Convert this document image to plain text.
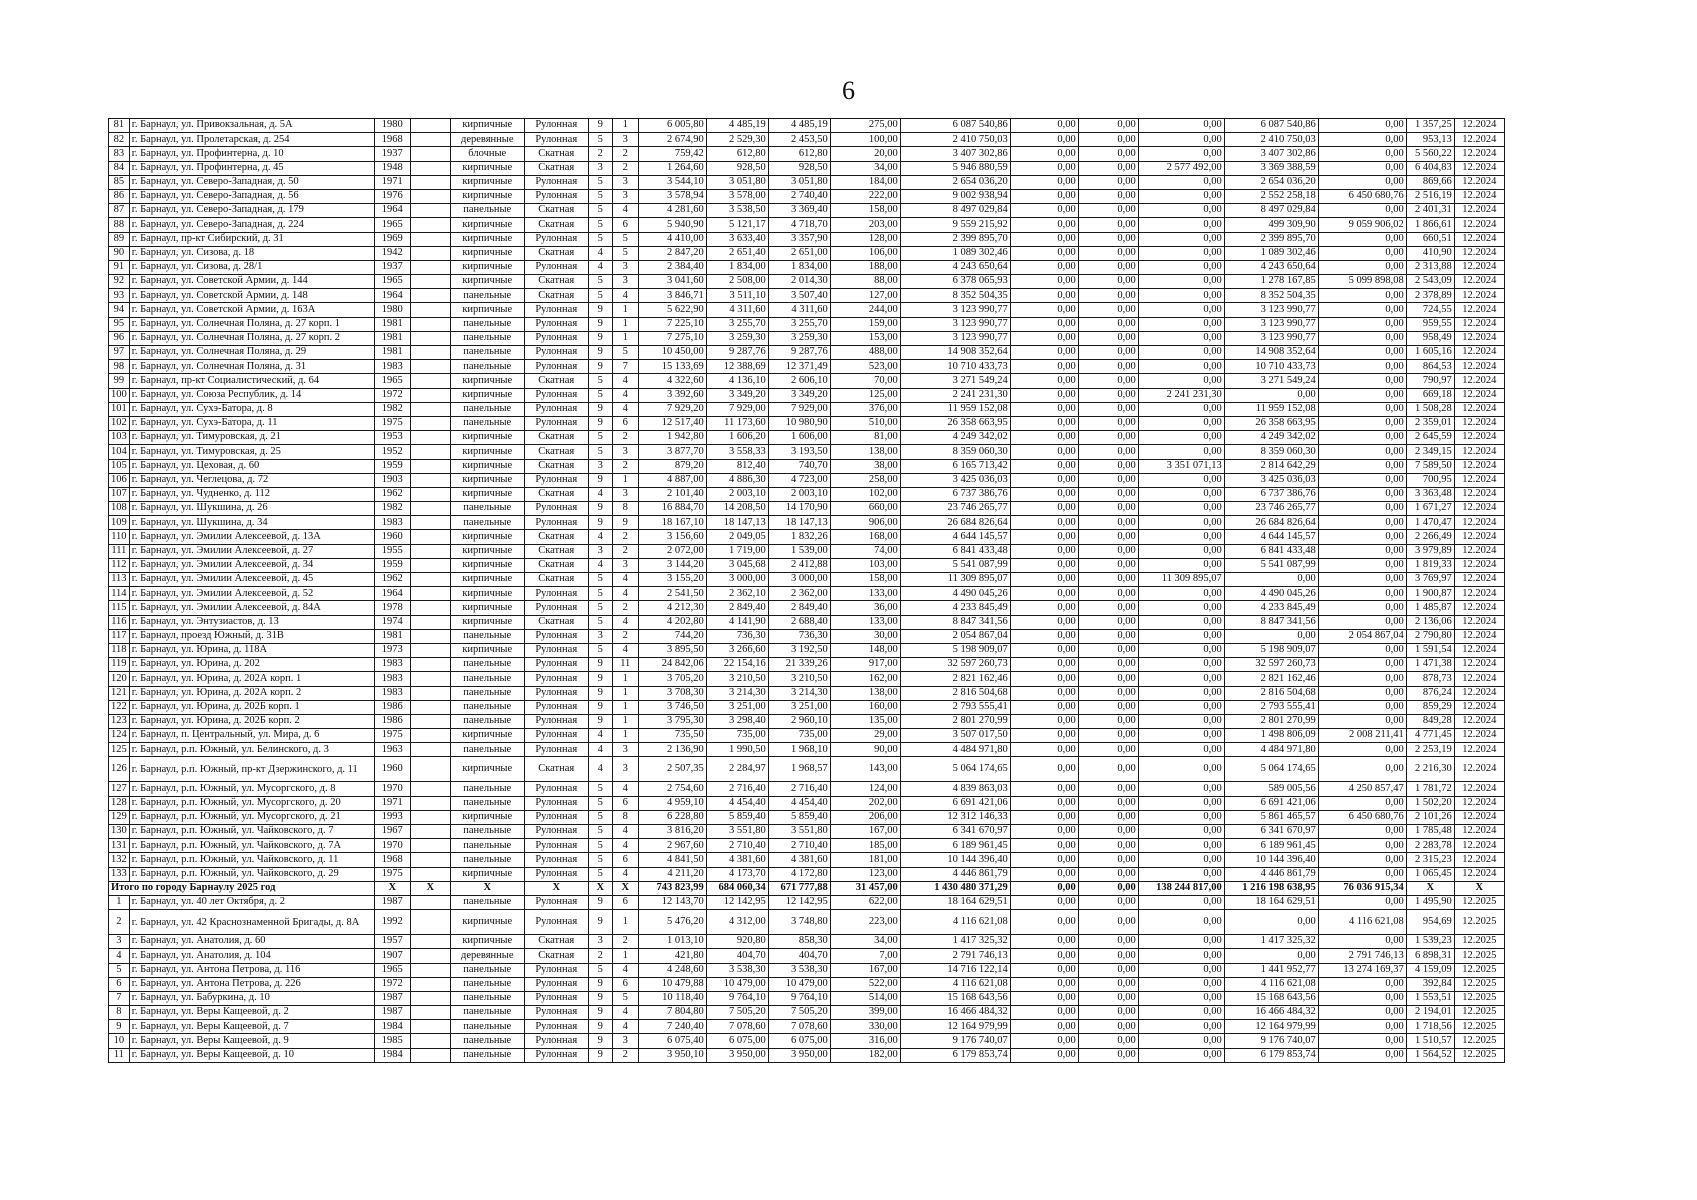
6
81	г. Барнаул, ул. Привокзальная, д. 5А	1980		кирпичные	Рулонная	9	1	6 005,80	4 485,19	4 485,19	275,00	6 087 540,86	0,00	0,00	0,00	6 087 540,86	0,00	1 357,25	12.2024
82	г. Барнаул, ул. Пролетарская, д. 254	1968		деревянные	Рулонная	5	3	2 674,90	2 529,30	2 453,50	100,00	2 410 750,03	0,00	0,00	0,00	2 410 750,03	0,00	953,13	12.2024
83	г. Барнаул, ул. Профинтерна, д. 10	1937		блочные	Скатная	2	2	759,42	612,80	612,80	20,00	3 407 302,86	0,00	0,00	0,00	3 407 302,86	0,00	5 560,22	12.2024
84	г. Барнаул, ул. Профинтерна, д. 45	1948		кирпичные	Скатная	3	2	1 264,60	928,50	928,50	34,00	5 946 880,59	0,00	0,00	2 577 492,00	3 369 388,59	0,00	6 404,83	12.2024
85	г. Барнаул, ул. Северо-Западная, д. 50	1971		кирпичные	Рулонная	5	3	3 544,10	3 051,80	3 051,80	184,00	2 654 036,20	0,00	0,00	0,00	2 654 036,20	0,00	869,66	12.2024
86	г. Барнаул, ул. Северо-Западная, д. 56	1976		кирпичные	Рулонная	5	3	3 578,94	3 578,00	2 740,40	222,00	9 002 938,94	0,00	0,00	0,00	2 552 258,18	6 450 680,76	2 516,19	12.2024
87	г. Барнаул, ул. Северо-Западная, д. 179	1964		панельные	Скатная	5	4	4 281,60	3 538,50	3 369,40	158,00	8 497 029,84	0,00	0,00	0,00	8 497 029,84	0,00	2 401,31	12.2024
88	г. Барнаул, ул. Северо-Западная, д. 224	1965		кирпичные	Скатная	5	6	5 940,90	5 121,17	4 718,70	203,00	9 559 215,92	0,00	0,00	0,00	499 309,90	9 059 906,02	1 866,61	12.2024
89	г. Барнаул, пр-кт Сибирский, д. 31	1969		кирпичные	Рулонная	5	5	4 410,00	3 633,40	3 357,90	128,00	2 399 895,70	0,00	0,00	0,00	2 399 895,70	0,00	660,51	12.2024
90	г. Барнаул, ул. Сизова, д. 18	1942		кирпичные	Скатная	4	5	2 847,20	2 651,40	2 651,00	106,00	1 089 302,46	0,00	0,00	0,00	1 089 302,46	0,00	410,90	12.2024
91	г. Барнаул, ул. Сизова, д. 28/1	1937		кирпичные	Рулонная	4	3	2 384,40	1 834,00	1 834,00	188,00	4 243 650,64	0,00	0,00	0,00	4 243 650,64	0,00	2 313,88	12.2024
92	г. Барнаул, ул. Советской Армии, д. 144	1965		кирпичные	Скатная	5	3	3 041,60	2 508,00	2 014,30	88,00	6 378 065,93	0,00	0,00	0,00	1 278 167,85	5 099 898,08	2 543,09	12.2024
93	г. Барнаул, ул. Советской Армии, д. 148	1964		панельные	Скатная	5	4	3 846,71	3 511,10	3 507,40	127,00	8 352 504,35	0,00	0,00	0,00	8 352 504,35	0,00	2 378,89	12.2024
94	г. Барнаул, ул. Советской Армии, д. 163А	1980		кирпичные	Рулонная	9	1	5 622,90	4 311,60	4 311,60	244,00	3 123 990,77	0,00	0,00	0,00	3 123 990,77	0,00	724,55	12.2024
95	г. Барнаул, ул. Солнечная Поляна, д. 27 корп. 1	1981		панельные	Рулонная	9	1	7 225,10	3 255,70	3 255,70	159,00	3 123 990,77	0,00	0,00	0,00	3 123 990,77	0,00	959,55	12.2024
96	г. Барнаул, ул. Солнечная Поляна, д. 27 корп. 2	1981		панельные	Рулонная	9	1	7 275,10	3 259,30	3 259,30	153,00	3 123 990,77	0,00	0,00	0,00	3 123 990,77	0,00	958,49	12.2024
97	г. Барнаул, ул. Солнечная Поляна, д. 29	1981		панельные	Рулонная	9	5	10 450,00	9 287,76	9 287,76	488,00	14 908 352,64	0,00	0,00	0,00	14 908 352,64	0,00	1 605,16	12.2024
98	г. Барнаул, ул. Солнечная Поляна, д. 31	1983		панельные	Рулонная	9	7	15 133,69	12 388,69	12 371,49	523,00	10 710 433,73	0,00	0,00	0,00	10 710 433,73	0,00	864,53	12.2024
99	г. Барнаул, пр-кт Социалистический, д. 64	1965		кирпичные	Скатная	5	4	4 322,60	4 136,10	2 606,10	70,00	3 271 549,24	0,00	0,00	0,00	3 271 549,24	0,00	790,97	12.2024
100	г. Барнаул, ул. Союза Республик, д. 14	1972		кирпичные	Рулонная	5	4	3 392,60	3 349,20	3 349,20	125,00	2 241 231,30	0,00	0,00	2 241 231,30	0,00	0,00	669,18	12.2024
101	г. Барнаул, ул. Сухэ-Батора, д. 8	1982		панельные	Рулонная	9	4	7 929,20	7 929,00	7 929,00	376,00	11 959 152,08	0,00	0,00	0,00	11 959 152,08	0,00	1 508,28	12.2024
102	г. Барнаул, ул. Сухэ-Батора, д. 11	1975		панельные	Рулонная	9	6	12 517,40	11 173,60	10 980,90	510,00	26 358 663,95	0,00	0,00	0,00	26 358 663,95	0,00	2 359,01	12.2024
103	г. Барнаул, ул. Тимуровская, д. 21	1953		кирпичные	Скатная	5	2	1 942,80	1 606,20	1 606,00	81,00	4 249 342,02	0,00	0,00	0,00	4 249 342,02	0,00	2 645,59	12.2024
104	г. Барнаул, ул. Тимуровская, д. 25	1952		кирпичные	Скатная	5	3	3 877,70	3 558,33	3 193,50	138,00	8 359 060,30	0,00	0,00	0,00	8 359 060,30	0,00	2 349,15	12.2024
105	г. Барнаул, ул. Цеховая, д. 60	1959		кирпичные	Скатная	3	2	879,20	812,40	740,70	38,00	6 165 713,42	0,00	0,00	3 351 071,13	2 814 642,29	0,00	7 589,50	12.2024
106	г. Барнаул, ул. Чеглецова, д. 72	1903		кирпичные	Рулонная	9	1	4 887,00	4 886,30	4 723,00	258,00	3 425 036,03	0,00	0,00	0,00	3 425 036,03	0,00	700,95	12.2024
107	г. Барнаул, ул. Чудненко, д. 112	1962		кирпичные	Скатная	4	3	2 101,40	2 003,10	2 003,10	102,00	6 737 386,76	0,00	0,00	0,00	6 737 386,76	0,00	3 363,48	12.2024
108	г. Барнаул, ул. Шукшина, д. 26	1982		панельные	Рулонная	9	8	16 884,70	14 208,50	14 170,90	660,00	23 746 265,77	0,00	0,00	0,00	23 746 265,77	0,00	1 671,27	12.2024
109	г. Барнаул, ул. Шукшина, д. 34	1983		панельные	Рулонная	9	9	18 167,10	18 147,13	18 147,13	906,00	26 684 826,64	0,00	0,00	0,00	26 684 826,64	0,00	1 470,47	12.2024
110	г. Барнаул, ул. Эмилии Алексеевой, д. 13А	1960		кирпичные	Скатная	4	2	3 156,60	2 049,05	1 832,26	168,00	4 644 145,57	0,00	0,00	0,00	4 644 145,57	0,00	2 266,49	12.2024
111	г. Барнаул, ул. Эмилии Алексеевой, д. 27	1955		кирпичные	Скатная	3	2	2 072,00	1 719,00	1 539,00	74,00	6 841 433,48	0,00	0,00	0,00	6 841 433,48	0,00	3 979,89	12.2024
112	г. Барнаул, ул. Эмилии Алексеевой, д. 34	1959		кирпичные	Скатная	4	3	3 144,20	3 045,68	2 412,88	103,00	5 541 087,99	0,00	0,00	0,00	5 541 087,99	0,00	1 819,33	12.2024
113	г. Барнаул, ул. Эмилии Алексеевой, д. 45	1962		кирпичные	Скатная	5	4	3 155,20	3 000,00	3 000,00	158,00	11 309 895,07	0,00	0,00	11 309 895,07	0,00	0,00	3 769,97	12.2024
114	г. Барнаул, ул. Эмилии Алексеевой, д. 52	1964		кирпичные	Рулонная	5	4	2 541,50	2 362,10	2 362,00	133,00	4 490 045,26	0,00	0,00	0,00	4 490 045,26	0,00	1 900,87	12.2024
115	г. Барнаул, ул. Эмилии Алексеевой, д. 84А	1978		кирпичные	Рулонная	5	2	4 212,30	2 849,40	2 849,40	36,00	4 233 845,49	0,00	0,00	0,00	4 233 845,49	0,00	1 485,87	12.2024
116	г. Барнаул, ул. Энтузиастов, д. 13	1974		кирпичные	Скатная	5	4	4 202,80	4 141,90	2 688,40	133,00	8 847 341,56	0,00	0,00	0,00	8 847 341,56	0,00	2 136,06	12.2024
117	г. Барнаул, проезд Южный, д. 31В	1981		панельные	Рулонная	3	2	744,20	736,30	736,30	30,00	2 054 867,04	0,00	0,00	0,00	0,00	2 054 867,04	2 790,80	12.2024
118	г. Барнаул, ул. Юрина, д. 118А	1973		кирпичные	Рулонная	5	4	3 895,50	3 266,60	3 192,50	148,00	5 198 909,07	0,00	0,00	0,00	5 198 909,07	0,00	1 591,54	12.2024
119	г. Барнаул, ул. Юрина, д. 202	1983		панельные	Рулонная	9	11	24 842,06	22 154,16	21 339,26	917,00	32 597 260,73	0,00	0,00	0,00	32 597 260,73	0,00	1 471,38	12.2024
120	г. Барнаул, ул. Юрина, д. 202А корп. 1	1983		панельные	Рулонная	9	1	3 705,20	3 210,50	3 210,50	162,00	2 821 162,46	0,00	0,00	0,00	2 821 162,46	0,00	878,73	12.2024
121	г. Барнаул, ул. Юрина, д. 202А корп. 2	1983		панельные	Рулонная	9	1	3 708,30	3 214,30	3 214,30	138,00	2 816 504,68	0,00	0,00	0,00	2 816 504,68	0,00	876,24	12.2024
122	г. Барнаул, ул. Юрина, д. 202Б корп. 1	1986		панельные	Рулонная	9	1	3 746,50	3 251,00	3 251,00	160,00	2 793 555,41	0,00	0,00	0,00	2 793 555,41	0,00	859,29	12.2024
123	г. Барнаул, ул. Юрина, д. 202Б корп. 2	1986		панельные	Рулонная	9	1	3 795,30	3 298,40	2 960,10	135,00	2 801 270,99	0,00	0,00	0,00	2 801 270,99	0,00	849,28	12.2024
124	г. Барнаул, п. Центральный, ул. Мира, д. 6	1975		кирпичные	Рулонная	4	1	735,50	735,00	735,00	29,00	3 507 017,50	0,00	0,00	0,00	1 498 806,09	2 008 211,41	4 771,45	12.2024
125	г. Барнаул, р.п. Южный, ул. Белинского, д. 3	1963		панельные	Рулонная	4	3	2 136,90	1 990,50	1 968,10	90,00	4 484 971,80	0,00	0,00	0,00	4 484 971,80	0,00	2 253,19	12.2024
126	г. Барнаул, р.п. Южный, пр-кт Дзержинского, д. 11	1960		кирпичные	Скатная	4	3	2 507,35	2 284,97	1 968,57	143,00	5 064 174,65	0,00	0,00	0,00	5 064 174,65	0,00	2 216,30	12.2024
127	г. Барнаул, р.п. Южный, ул. Мусоргского, д. 8	1970		панельные	Рулонная	5	4	2 754,60	2 716,40	2 716,40	124,00	4 839 863,03	0,00	0,00	0,00	589 005,56	4 250 857,47	1 781,72	12.2024
128	г. Барнаул, р.п. Южный, ул. Мусоргского, д. 20	1971		панельные	Рулонная	5	6	4 959,10	4 454,40	4 454,40	202,00	6 691 421,06	0,00	0,00	0,00	6 691 421,06	0,00	1 502,20	12.2024
129	г. Барнаул, р.п. Южный, ул. Мусоргского, д. 21	1993		кирпичные	Рулонная	5	8	6 228,80	5 859,40	5 859,40	206,00	12 312 146,33	0,00	0,00	0,00	5 861 465,57	6 450 680,76	2 101,26	12.2024
130	г. Барнаул, р.п. Южный, ул. Чайковского, д. 7	1967		панельные	Рулонная	5	4	3 816,20	3 551,80	3 551,80	167,00	6 341 670,97	0,00	0,00	0,00	6 341 670,97	0,00	1 785,48	12.2024
131	г. Барнаул, р.п. Южный, ул. Чайковского, д. 7А	1970		панельные	Рулонная	5	4	2 967,60	2 710,40	2 710,40	185,00	6 189 961,45	0,00	0,00	0,00	6 189 961,45	0,00	2 283,78	12.2024
132	г. Барнаул, р.п. Южный, ул. Чайковского, д. 11	1968		панельные	Рулонная	5	6	4 841,50	4 381,60	4 381,60	181,00	10 144 396,40	0,00	0,00	0,00	10 144 396,40	0,00	2 315,23	12.2024
133	г. Барнаул, р.п. Южный, ул. Чайковского, д. 29	1975		кирпичные	Рулонная	5	4	4 211,20	4 173,70	4 172,80	123,00	4 446 861,79	0,00	0,00	0,00	4 446 861,79	0,00	1 065,45	12.2024
Итого по городу Барнаулу 2025 год		X	X	X	X	X	X	743 823,99	684 060,34	671 777,88	31 457,00	1 430 480 371,29	0,00	0,00	138 244 817,00	1 216 198 638,95	76 036 915,34	X	X
1	г. Барнаул, ул. 40 лет Октября, д. 2	1987		панельные	Рулонная	9	6	12 143,70	12 142,95	12 142,95	622,00	18 164 629,51	0,00	0,00	0,00	18 164 629,51	0,00	1 495,90	12.2025
2	г. Барнаул, ул. 42 Краснознаменной Бригады, д. 8А	1992		кирпичные	Рулонная	9	1	5 476,20	4 312,00	3 748,80	223,00	4 116 621,08	0,00	0,00	0,00	0,00	4 116 621,08	954,69	12.2025
3	г. Барнаул, ул. Анатолия, д. 60	1957		кирпичные	Скатная	3	2	1 013,10	920,80	858,30	34,00	1 417 325,32	0,00	0,00	0,00	1 417 325,32	0,00	1 539,23	12.2025
4	г. Барнаул, ул. Анатолия, д. 104	1907		деревянные	Скатная	2	1	421,80	404,70	404,70	7,00	2 791 746,13	0,00	0,00	0,00	0,00	2 791 746,13	6 898,31	12.2025
5	г. Барнаул, ул. Антона Петрова, д. 116	1965		панельные	Рулонная	5	4	4 248,60	3 538,30	3 538,30	167,00	14 716 122,14	0,00	0,00	0,00	1 441 952,77	13 274 169,37	4 159,09	12.2025
6	г. Барнаул, ул. Антона Петрова, д. 226	1972		панельные	Рулонная	9	6	10 479,88	10 479,00	10 479,00	522,00	4 116 621,08	0,00	0,00	0,00	4 116 621,08	0,00	392,84	12.2025
7	г. Барнаул, ул. Бабуркина, д. 10	1987		панельные	Рулонная	9	5	10 118,40	9 764,10	9 764,10	514,00	15 168 643,56	0,00	0,00	0,00	15 168 643,56	0,00	1 553,51	12.2025
8	г. Барнаул, ул. Веры Кащеевой, д. 2	1987		панельные	Рулонная	9	4	7 804,80	7 505,20	7 505,20	399,00	16 466 484,32	0,00	0,00	0,00	16 466 484,32	0,00	2 194,01	12.2025
9	г. Барнаул, ул. Веры Кащеевой, д. 7	1984		панельные	Рулонная	9	4	7 240,40	7 078,60	7 078,60	330,00	12 164 979,99	0,00	0,00	0,00	12 164 979,99	0,00	1 718,56	12.2025
10	г. Барнаул, ул. Веры Кащеевой, д. 9	1985		панельные	Рулонная	9	3	6 075,40	6 075,00	6 075,00	316,00	9 176 740,07	0,00	0,00	0,00	9 176 740,07	0,00	1 510,57	12.2025
11	г. Барнаул, ул. Веры Кащеевой, д. 10	1984		панельные	Рулонная	9	2	3 950,10	3 950,00	3 950,00	182,00	6 179 853,74	0,00	0,00	0,00	6 179 853,74	0,00	1 564,52	12.2025
